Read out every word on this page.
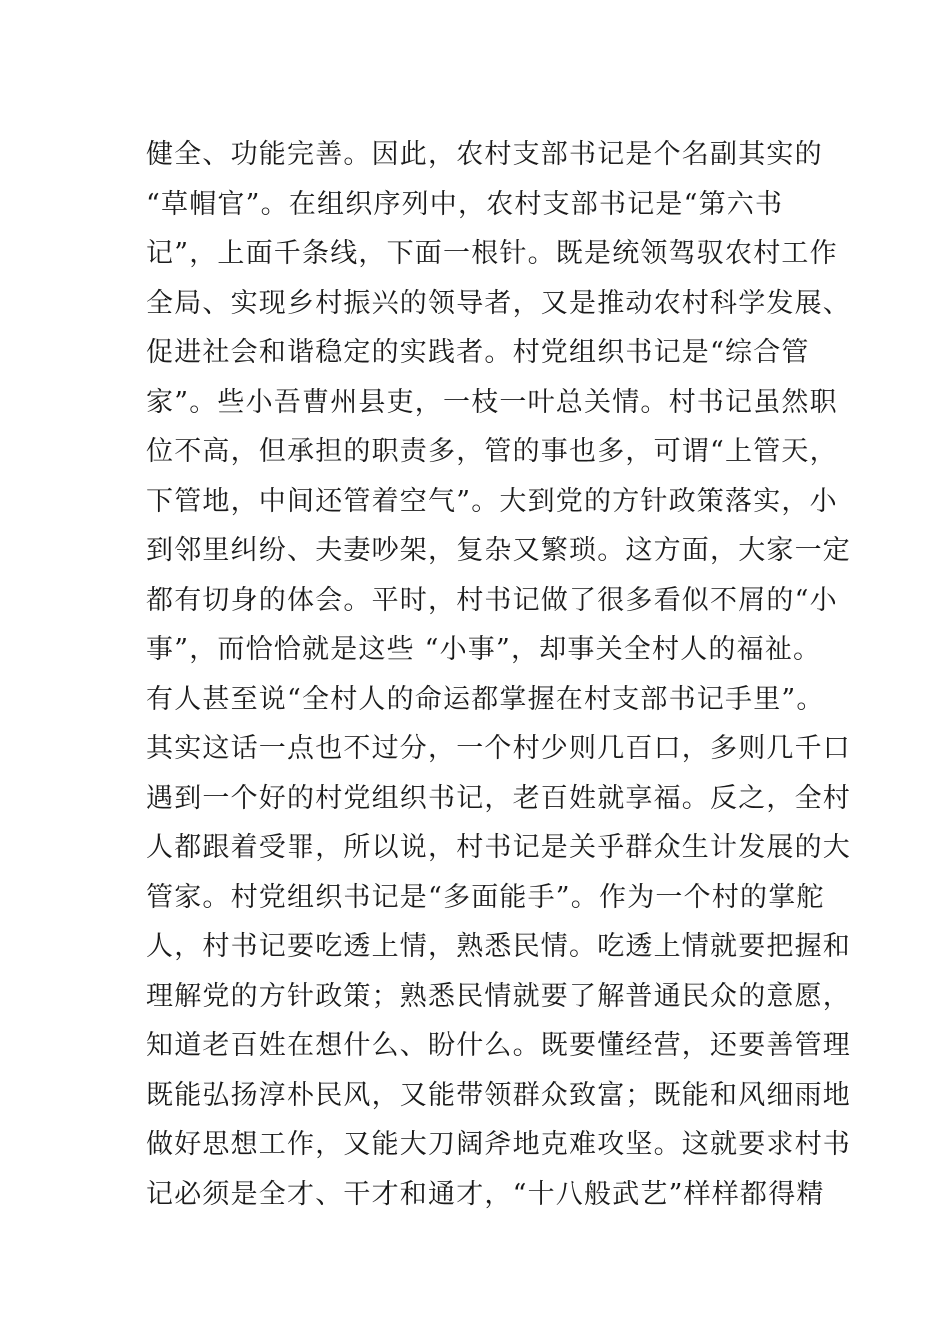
健全、功能完善。因此，农村支部书记是个名副其实的
“草帽官”。在组织序列中，农村支部书记是“第六书
记”，上面千条线，下面一根针。既是统领驾驭农村工作
全局、实现乡村振兴的领导者，又是推动农村科学发展、
促进社会和谐稳定的实践者。村党组织书记是“综合管
家”。些小吾曹州县吏，一枝一叶总关情。村书记虽然职
位不高，但承担的职责多，管的事也多，可谓“上管天，
下管地，中间还管着空气”。大到党的方针政策落实，小
到邻里纠纷、夫妻吵架，复杂又繁琐。这方面，大家一定
都有切身的体会。平时，村书记做了很多看似不屑的“小
事”，而恰恰就是这些 “小事”，却事关全村人的福祉。
有人甚至说“全村人的命运都掌握在村支部书记手里”。
其实这话一点也不过分，一个村少则几百口，多则几千口
遇到一个好的村党组织书记，老百姓就享福。反之，全村
人都跟着受罪，所以说，村书记是关乎群众生计发展的大
管家。村党组织书记是“多面能手”。作为一个村的掌舵
人，村书记要吃透上情，熟悉民情。吃透上情就要把握和
理解党的方针政策；熟悉民情就要了解普通民众的意愿，
知道老百姓在想什么、盼什么。既要懂经营，还要善管理
既能弘扬淳朴民风，又能带领群众致富；既能和风细雨地
做好思想工作，又能大刀阔斧地克难攻坚。这就要求村书
记必须是全才、干才和通才，“十八般武艺”样样都得精
